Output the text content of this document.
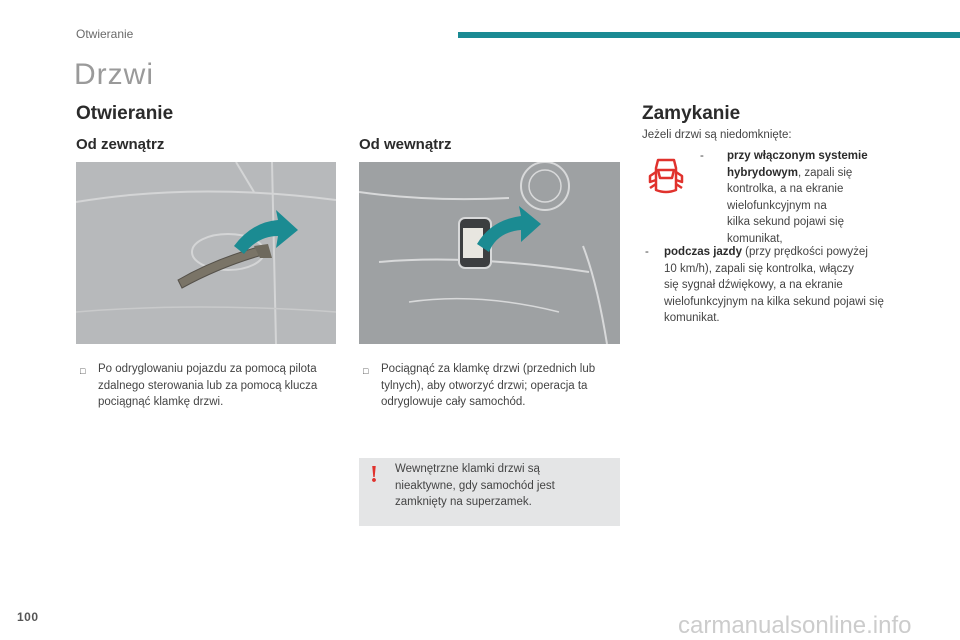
Otwieranie
Drzwi
Otwieranie
Od zewnątrz	Od wewnątrz
□ Po odryglowaniu pojazdu za pomocą pilota
zdalnego sterowania lub za pomocą klucza
pociągnąć klamkę drzwi.
□ Pociągnąć za klamkę drzwi (przednich lub
tylnych), aby otworzyć drzwi; operacja ta
odryglowuje cały samochód.
! Wewnętrzne klamki drzwi są
nieaktywne, gdy samochód jest
zamknięty na superzamek.
Zamykanie
Jeżeli drzwi są niedomknięte:
- przy włączonym systemie
hybrydowym, zapali się
kontrolka, a na ekranie
wielofunkcyjnym na
kilka sekund pojawi się
komunikat,
- podczas jazdy (przy prędkości powyżej
10 km/h), zapali się kontrolka, włączy
się sygnał dźwiękowy, a na ekranie
wielofunkcyjnym na kilka sekund pojawi się
komunikat.
100	carmanualsonline.info
